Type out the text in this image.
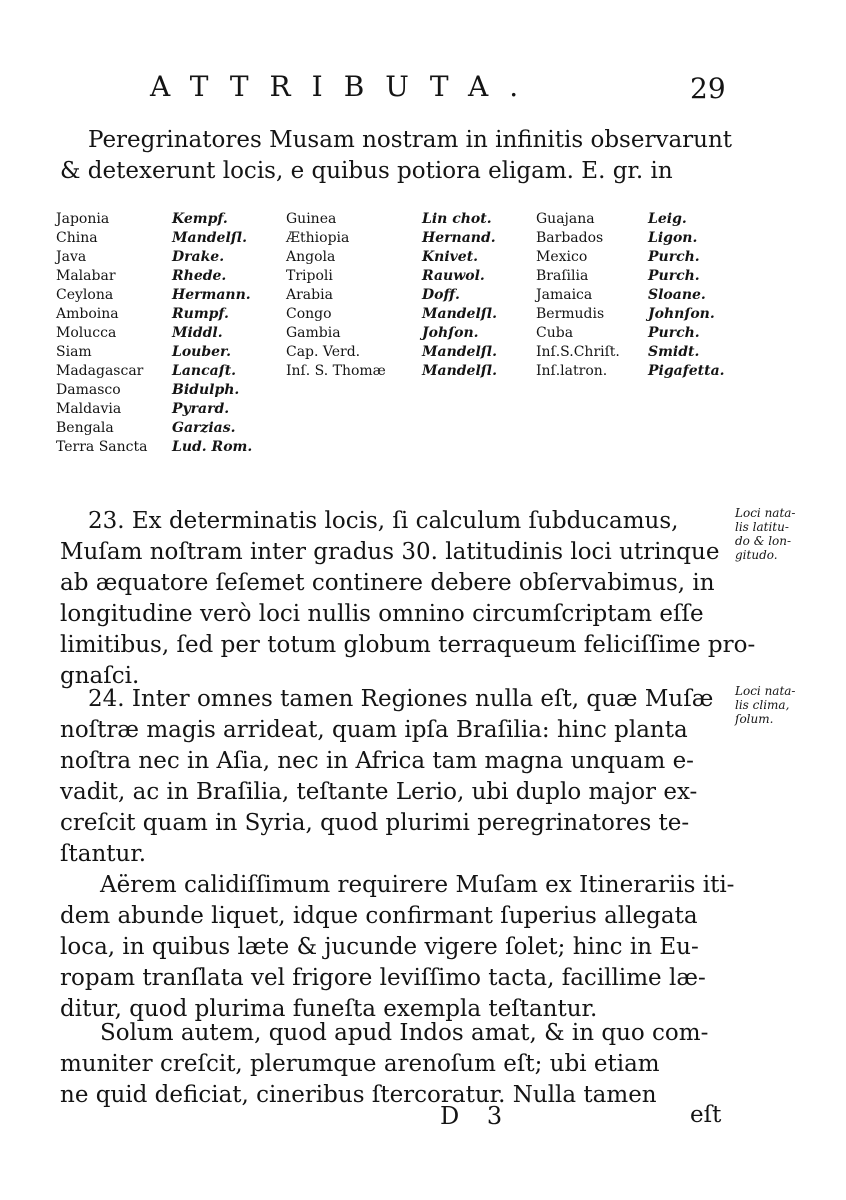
ATTRIBUTA.	29
Peregrinatores Musam nostram in infinitis observarunt
& detexerunt locis, e quibus potiora eligam. E. gr. in
Japonia
China
Java
Malabar
Ceylona
Amboina
Molucca
Siam
Madagascar
Damasco
Maldavia
Bengala
Terra Sancta
Kempf.
Mandelſl.
Drake.
Rhede.
Hermann.
Rumpf.
Middl.
Louber.
Lancaſt.
Bidulph.
Pyrard.
Garzias.
Lud. Rom.
Guinea
Æthiopia
Angola
Tripoli
Arabia
Congo
Gambia
Cap. Verd.
Inſ. S. Thomæ
Lin chot.
Hernand.
Knivet.
Rauwol.
Doff.
Mandelſl.
Johſon.
Mandelſl.
Mandelſl.
Guajana
Barbados
Mexico
Braſilia
Jamaica
Bermudis
Cuba
Inſ.S.Chriſt.
Inſ.latron.
Leig.
Ligon.
Purch.
Purch.
Sloane.
Johnſon.
Purch.
Smidt.
Pigafetta.
23. Ex determinatis locis, ſi calculum ſubducamus,
Muſam noſtram inter gradus 30. latitudinis loci utrinque
ab æquatore ſeſemet continere debere obſervabimus, in
longitudine verò loci nullis omnino circumſcriptam eſſe
limitibus, ſed per totum globum terraqueum feliciſſime pro-
gnaſci.
Loci nata-
lis latitu-
do & lon-
gitudo.
24. Inter omnes tamen Regiones nulla eſt, quæ Muſæ
noſtræ magis arrideat, quam ipſa Braſilia: hinc planta
noſtra nec in Aſia, nec in Africa tam magna unquam e-
vadit, ac in Braſilia, teſtante Lerio, ubi duplo major ex-
creſcit quam in Syria, quod plurimi peregrinatores te-
ſtantur.
Loci nata-
lis clima,
ſolum.
Aërem calidiſſimum requirere Muſam ex Itinerariis iti-
dem abunde liquet, idque confirmant ſuperius allegata
loca, in quibus læte & jucunde vigere ſolet; hinc in Eu-
ropam tranſlata vel frigore leviſſimo tacta, facillime læ-
ditur, quod plurima funeſta exempla teſtantur.
Solum autem, quod apud Indos amat, & in quo com-
muniter creſcit, plerumque arenoſum eſt; ubi etiam
ne quid deficiat, cineribus ſtercoratur. Nulla tamen
D 3	eſt
